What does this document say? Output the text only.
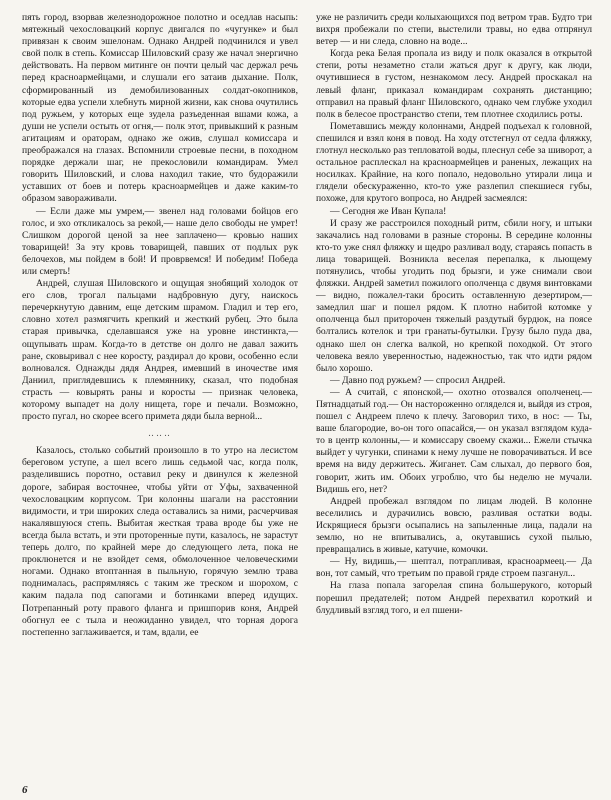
пять город, взорвав железнодорожное полотно и оседлав насыпь: мятежный чехословацкий корпус двигался по «чугунке» и был привязан к своим эшелонам. Однако Андрей подчинился и увел свой полк в степь. Комиссар Шиловский сразу же начал энергично действовать. На первом митинге он почти целый час держал речь перед красноармейцами, и слушали его затаив дыхание. Полк, сформированный из демобилизованных солдат-окопников, которые едва успели хлебнуть мирной жизни, как снова очутились под ружьем, у которых еще зудела разъеденная вшами кожа, а души не успели остыть от огня,— полк этот, привыкший к разным агитациям и ораторам, однако же ожив, слушал комиссара и преображался на глазах. Вспомнили строевые песни, в походном порядке держали шаг, не прекословили командирам. Умел говорить Шиловский, и слова находил такие, что будоражили уставших от боев и потерь красноармейцев и даже каким-то образом завораживали.

— Если даже мы умрем,— звенел над головами бойцов его голос, и эхо откликалось за рекой,— наше дело свободы не умрет! Слишком дорогой ценой за нее заплачено— кровью наших товарищей! За эту кровь товарищей, павших от подлых рук белочехов, мы пойдем в бой! И проврвемся! И победим! Победа или смерть!

Андрей, слушая Шиловского и ощущая знобящий холодок от его слов, трогал пальцами надбровную дугу, наискось перечеркнутую давним, еще детским шрамом. Гладил и тер его, словно хотел размягчить крепкий и жесткий рубец. Это была старая привычка, сделавшаяся уже на уровне инстинкта,— ощупывать шрам. Когда-то в детстве он долго не давал зажить ране, сковыривал с нее коросту, раздирал до крови, особенно если волновался. Однажды дядя Андрея, имевший в иночестве имя Даниил, приглядевшись к племяннику, сказал, что подобная страсть — ковырять раны и коросты — признак человека, которому выпадет на долу нищета, горе и печали. Возможно, просто пугал, но скорее всего примета дяди была верной...

‥‥‥

Казалось, столько событий произошло в то утро на лесистом береговом уступе, а шел всего лишь седьмой час, когда полк, разделившись поротно, оставил реку и двинулся к железной дороге, забирая восточнее, чтобы уйти от Уфы, захваченной чехословацким корпусом. Три колонны шагали на расстоянии видимости, и три широких следа оставались за ними, расчерчивая накалявшуюся степь. Выбитая жесткая трава вроде бы уже не всегда была встать, и эти проторенные пути, казалось, не зарастут теперь долго, по крайней мере до следующего лета, пока не проклюнется и не взойдет семя, обмолоченное человеческими ногами. Однако втоптанная в пыльную, горячую землю трава поднималась, распрямляясь с таким же треском и шорохом, с каким падала под сапогами и ботинками вперед идущих. Потрепанный роту правого фланга и пришпорив коня, Андрей обогнул ее с тыла и неожиданно увидел, что торная дорога постепенно заглаживается, и там, вдали, ее

уже не различить среди колыхающихся под ветром трав. Будто три вихря пробежали по степи, выстелили травы, но едва отпрянул ветер — и ни следа, словно на воде...

Когда река Белая пропала из виду и полк оказался в открытой степи, роты незаметно стали жаться друг к другу, как люди, очутившиеся в густом, незнакомом лесу. Андрей проскакал на левый фланг, приказал командирам сохранять дистанцию; отправил на правый фланг Шиловского, однако чем глубже уходил полк в белесое пространство степи, тем плотнее сходились роты.

Пометавшись между колоннами, Андрей подъехал к головной, спешился и взял коня в повод. На ходу отстегнул от седла фляжку, глотнул несколько раз тепловатой воды, плеснул себе за шиворот, а остальное расплескал на красноармейцев и раненых, лежащих на носилках. Крайние, на кого попало, недовольно утирали лица и глядели обескураженно, кто-то уже разлепил спекшиеся губы, похоже, для крутого вопроса, но Андрей засмеялся:

— Сегодня же Иван Купала!

И сразу же расстроился походный ритм, сбили ногу, и штыки закачались над головами в разные стороны. В середине колонны кто-то уже снял фляжку и щедро разливал воду, стараясь попасть в лица товарищей. Возникла веселая перепалка, к льющему потянулись, чтобы угодить под брызги, и уже снимали свои фляжки. Андрей заметил пожилого ополченца с двумя винтовками — видно, пожалел-таки бросить оставленную дезертиром,— замедлил шаг и пошел рядом. К плотно набитой котомке у ополченца был приторочен тяжелый раздутый бурдюк, на поясе болтались котелок и три гранаты-бутылки. Грузу было пуда два, однако шел он слегка валкой, но крепкой походкой. От этого человека веяло уверенностью, надежностью, так что идти рядом было хорошо.

— Давно под ружьем? — спросил Андрей.

— А считай, с японской,— охотно отозвался ополченец.— Пятнадцатый год.— Он настороженно огляделся и, выйдя из строя, пошел с Андреем плечо к плечу. Заговорил тихо, в нос: — Ты, ваше благородие, во-он того опасайся,— он указал взглядом куда-то в центр колонны,— и комиссару своему скажи... Ежели стычка выйдет у чугунки, спинами к нему лучше не поворачиваться. И все время на виду держитесь. Жиганет. Сам слыхал, до первого боя, говорит, жить им. Обоих угроблю, что бы неделю не мучали. Видишь его, нет?

Андрей пробежал взглядом по лицам людей. В колонне веселились и дурачились вовсю, разливая остатки воды. Искрящиеся брызги осыпались на запыленные лица, падали на землю, но не впитывались, а, окутавшись сухой пылью, превращались в живые, катучие, комочки.

— Ну, видишь,— шептал, потрапливая, красноармеец.— Да вон, тот самый, что третьим по правой гряде строем пазганул...

На глаза попала загорелая спина большерукого, который порешил предателей; потом Андрей перехватил короткий и блудливый взгляд того, и ел пшени-

6
